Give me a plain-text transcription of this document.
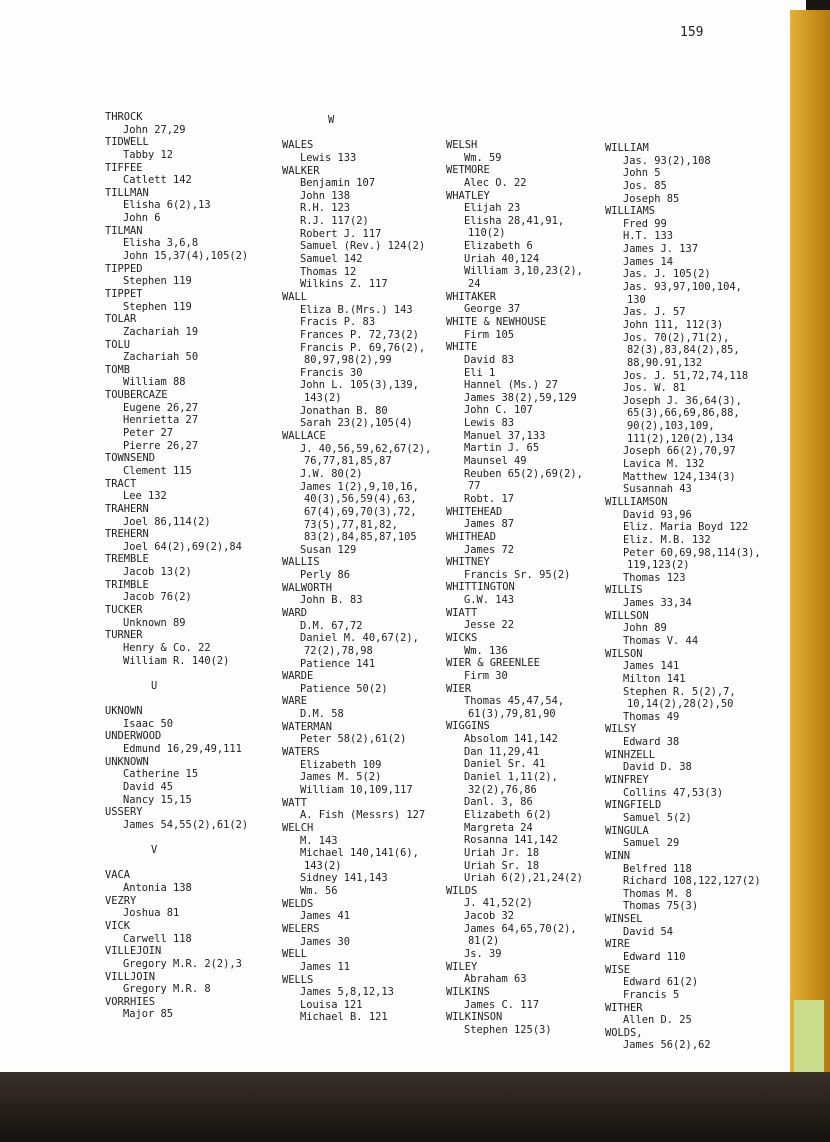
159
THROCK
John 27,29
TIDWELL
Tabby 12
TIFFEE
Catlett 142
TILLMAN
Elisha 6(2),13
John 6
TILMAN
Elisha 3,6,8
John 15,37(4),105(2)
TIPPED
Stephen 119
TIPPET
Stephen 119
TOLAR
Zachariah 19
TOLU
Zachariah 50
TOMB
William 88
TOUBERCAZE
Eugene 26,27
Henrietta 27
Peter 27
Pierre 26,27
TOWNSEND
Clement 115
TRACT
Lee 132
TRAHERN
Joel 86,114(2)
TREHERN
Joel 64(2),69(2),84
TREMBLE
Jacob 13(2)
TRIMBLE
Jacob 76(2)
TUCKER
Unknown 89
TURNER
Henry & Co. 22
William R. 140(2)
U
UKNOWN
Isaac 50
UNDERWOOD
Edmund 16,29,49,111
UNKNOWN
Catherine 15
David 45
Nancy 15,15
USSERY
James 54,55(2),61(2)
V
VACA
Antonia 138
VEZRY
Joshua 81
VICK
Carwell 118
VILLEJOIN
Gregory M.R. 2(2),3
VILLJOIN
Gregory M.R. 8
VORRHIES
Major 85
W
WALES
Lewis 133
WALKER
Benjamin 107
John 138
R.H. 123
R.J. 117(2)
Robert J. 117
Samuel (Rev.) 124(2)
Samuel 142
Thomas 12
Wilkins Z. 117
WALL
Eliza B.(Mrs.) 143
Fracis P. 83
Frances P. 72,73(2)
Francis P. 69,76(2),
80,97,98(2),99
Francis 30
John L. 105(3),139,
143(2)
Jonathan B. 80
Sarah 23(2),105(4)
WALLACE
J. 40,56,59,62,67(2),
76,77,81,85,87
J.W. 80(2)
James 1(2),9,10,16,
40(3),56,59(4),63,
67(4),69,70(3),72,
73(5),77,81,82,
83(2),84,85,87,105
Susan 129
WALLIS
Perly 86
WALWORTH
John B. 83
WARD
D.M. 67,72
Daniel M. 40,67(2),
72(2),78,98
Patience 141
WARDE
Patience 50(2)
WARE
D.M. 58
WATERMAN
Peter 58(2),61(2)
WATERS
Elizabeth 109
James M. 5(2)
William 10,109,117
WATT
A. Fish (Messrs) 127
WELCH
M. 143
Michael 140,141(6),
143(2)
Sidney 141,143
Wm. 56
WELDS
James 41
WELERS
James 30
WELL
James 11
WELLS
James 5,8,12,13
Louisa 121
Michael B. 121
WELSH
Wm. 59
WETMORE
Alec O. 22
WHATLEY
Elijah 23
Elisha 28,41,91,
110(2)
Elizabeth 6
Uriah 40,124
William 3,10,23(2),
24
WHITAKER
George 37
WHITE & NEWHOUSE
Firm 105
WHITE
David 83
Eli 1
Hannel (Ms.) 27
James 38(2),59,129
John C. 107
Lewis 83
Manuel 37,133
Martin J. 65
Maunsel 49
Reuben 65(2),69(2),
77
Robt. 17
WHITEHEAD
James 87
WHITHEAD
James 72
WHITNEY
Francis Sr. 95(2)
WHITTINGTON
G.W. 143
WIATT
Jesse 22
WICKS
Wm. 136
WIER & GREENLEE
Firm 30
WIER
Thomas 45,47,54,
61(3),79,81,90
WIGGINS
Absolom 141,142
Dan 11,29,41
Daniel Sr. 41
Daniel 1,11(2),
32(2),76,86
Danl. 3, 86
Elizabeth 6(2)
Margreta 24
Rosanna 141,142
Uriah Jr. 18
Uriah Sr. 18
Uriah 6(2),21,24(2)
WILDS
J. 41,52(2)
Jacob 32
James 64,65,70(2),
81(2)
Js. 39
WILEY
Abraham 63
WILKINS
James C. 117
WILKINSON
Stephen 125(3)
WILLIAM
Jas. 93(2),108
John 5
Jos. 85
Joseph 85
WILLIAMS
Fred 99
H.T. 133
James J. 137
James 14
Jas. J. 105(2)
Jas. 93,97,100,104,
130
Jas. J. 57
John 111, 112(3)
Jos. 70(2),71(2),
82(3),83,84(2),85,
88,90.91,132
Jos. J. 51,72,74,118
Jos. W. 81
Joseph J. 36,64(3),
65(3),66,69,86,88,
90(2),103,109,
111(2),120(2),134
Joseph 66(2),70,97
Lavica M. 132
Matthew 124,134(3)
Susannah 43
WILLIAMSON
David 93,96
Eliz. Maria Boyd 122
Eliz. M.B. 132
Peter 60,69,98,114(3),
119,123(2)
Thomas 123
WILLIS
James 33,34
WILLSON
John 89
Thomas V. 44
WILSON
James 141
Milton 141
Stephen R. 5(2),7,
10,14(2),28(2),50
Thomas 49
WILSY
Edward 38
WINHZELL
David D. 38
WINFREY
Collins 47,53(3)
WINGFIELD
Samuel 5(2)
WINGULA
Samuel 29
WINN
Belfred 118
Richard 108,122,127(2)
Thomas M. 8
Thomas 75(3)
WINSEL
David 54
WIRE
Edward 110
WISE
Edward 61(2)
Francis 5
WITHER
Allen D. 25
WOLDS,
James 56(2),62
